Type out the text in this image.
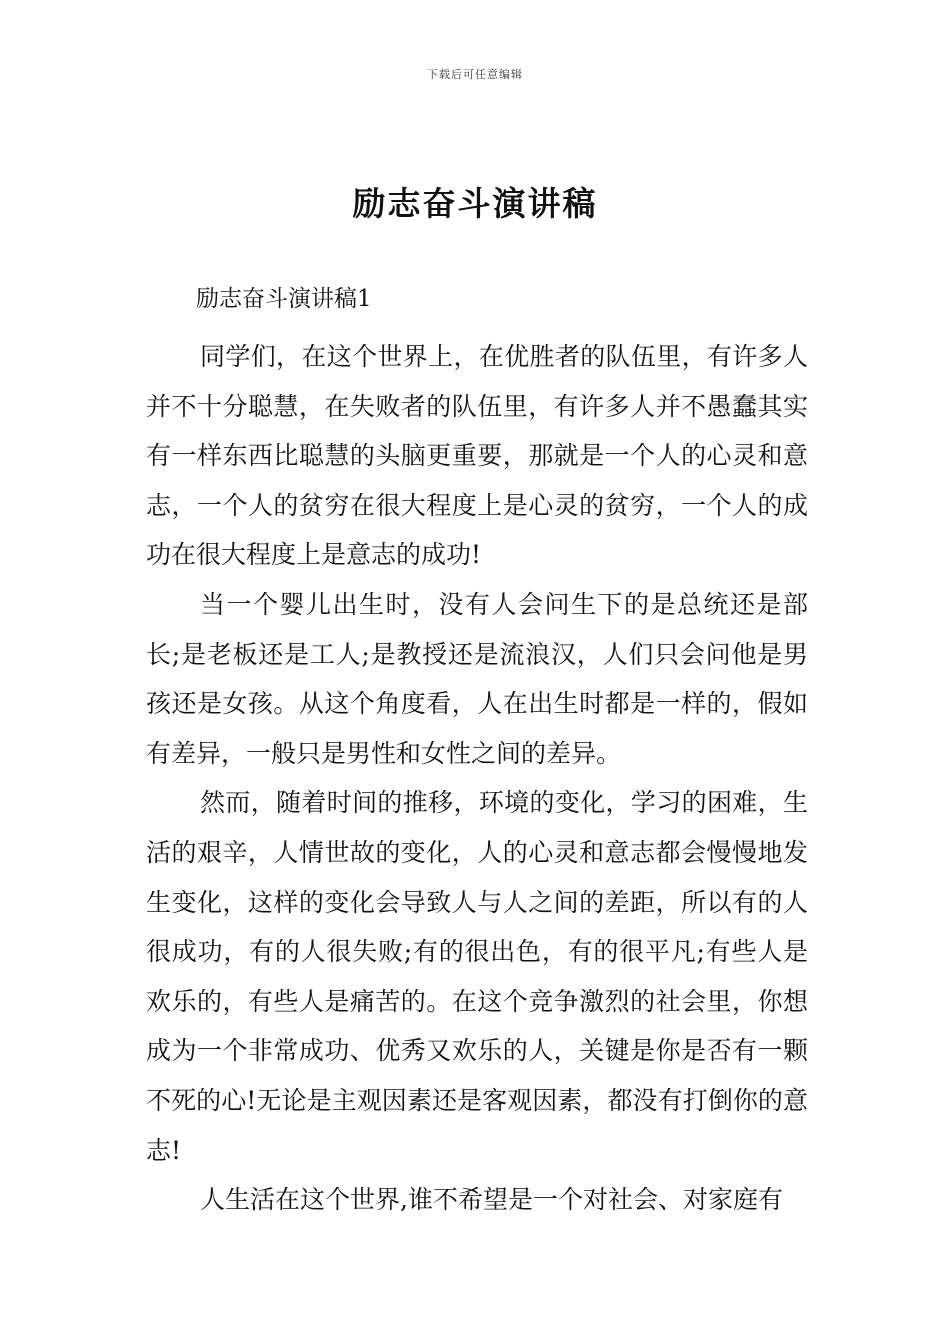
下载后可任意编辑
励志奋斗演讲稿

励志奋斗演讲稿1

同学们，在这个世界上，在优胜者的队伍里，有许多人并不十分聪慧，在失败者的队伍里，有许多人并不愚蠢其实有一样东西比聪慧的头脑更重要，那就是一个人的心灵和意志，一个人的贫穷在很大程度上是心灵的贫穷，一个人的成功在很大程度上是意志的成功!

当一个婴儿出生时，没有人会问生下的是总统还是部长;是老板还是工人;是教授还是流浪汉，人们只会问他是男孩还是女孩。从这个角度看，人在出生时都是一样的，假如有差异，一般只是男性和女性之间的差异。

然而，随着时间的推移，环境的变化，学习的困难，生活的艰辛，人情世故的变化，人的心灵和意志都会慢慢地发生变化，这样的变化会导致人与人之间的差距，所以有的人很成功，有的人很失败;有的很出色，有的很平凡;有些人是欢乐的，有些人是痛苦的。在这个竞争激烈的社会里，你想成为一个非常成功、优秀又欢乐的人，关键是你是否有一颗不死的心!无论是主观因素还是客观因素，都没有打倒你的意志!

人生活在这个世界,谁不希望是一个对社会、对家庭有
